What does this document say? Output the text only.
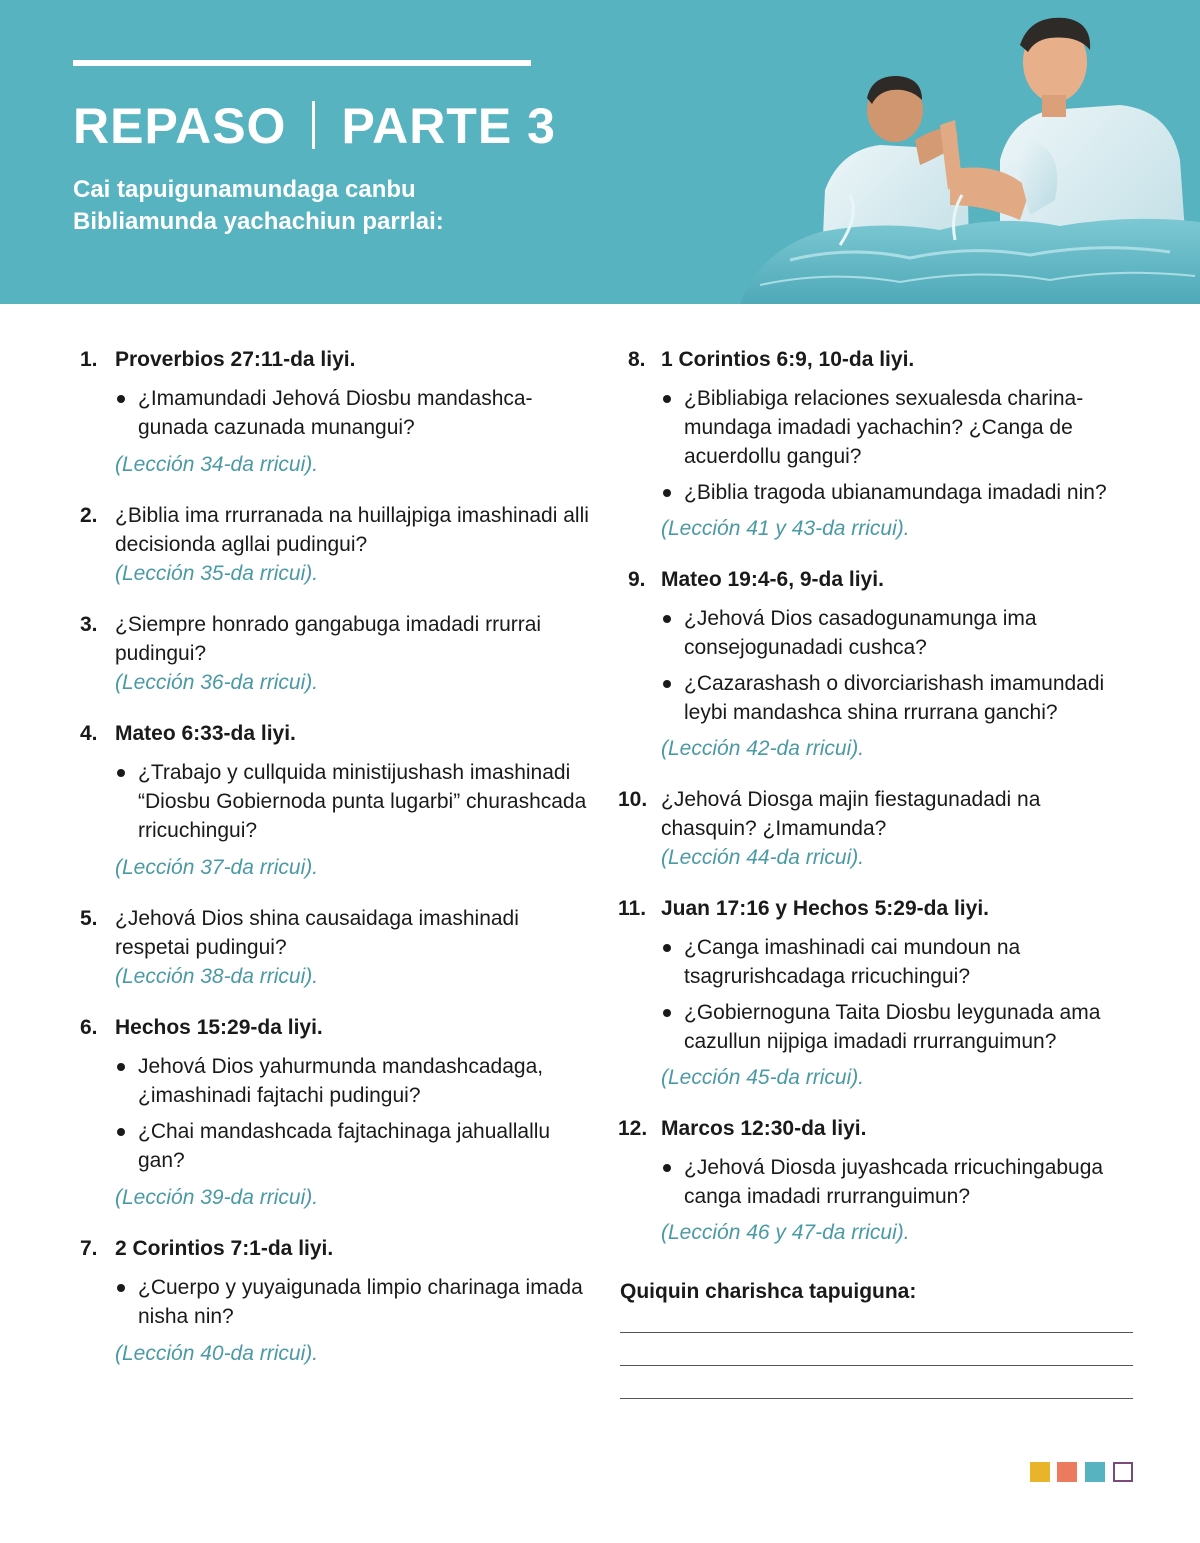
REPASO PARTE 3

Cai tapuigunamundaga canbu
Bibliamunda yachachiun parrlai:

1. Proverbios 27:11-da liyi.
¿Imamundadi Jehová Diosbu mandashcagunada cazunada munangui?
(Lección 34-da rricui).
2. ¿Biblia ima rrurranada na huillajpiga imashinadi alli decisionda agllai pudingui?
(Lección 35-da rricui).
3. ¿Siempre honrado gangabuga imadadi rrurrai pudingui?
(Lección 36-da rricui).
4. Mateo 6:33-da liyi.
¿Trabajo y cullquida ministijushash imashinadi “Diosbu Gobiernoda punta lugarbi” churashcada rricuchingui?
(Lección 37-da rricui).
5. ¿Jehová Dios shina causaidaga imashinadi respetai pudingui?
(Lección 38-da rricui).
6. Hechos 15:29-da liyi.
Jehová Dios yahurmunda mandashcadaga, ¿imashinadi fajtachi pudingui?
¿Chai mandashcada fajtachinaga jahuallallu gan?
(Lección 39-da rricui).
7. 2 Corintios 7:1-da liyi.
¿Cuerpo y yuyaigunada limpio charinaga imada nisha nin?
(Lección 40-da rricui).
8. 1 Corintios 6:9, 10-da liyi.
¿Bibliabiga relaciones sexualesda charinamundaga imadadi yachachin? ¿Canga de acuerdollu gangui?
¿Biblia tragoda ubianamundaga imadadi nin?
(Lección 41 y 43-da rricui).
9. Mateo 19:4-6, 9-da liyi.
¿Jehová Dios casadogunamunga ima consejogunadadi cushca?
¿Cazarashash o divorciarishash imamundadi leybi mandashca shina rrurrana ganchi?
(Lección 42-da rricui).
10. ¿Jehová Diosga majin fiestagunadadi na chasquin? ¿Imamunda?
(Lección 44-da rricui).
11. Juan 17:16 y Hechos 5:29-da liyi.
¿Canga imashinadi cai mundoun na tsagrurishcadaga rricuchingui?
¿Gobiernoguna Taita Diosbu leygunada ama cazullun nijpiga imadadi rrurranguimun?
(Lección 45-da rricui).
12. Marcos 12:30-da liyi.
¿Jehová Diosda juyashcada rricuchingabuga canga imadadi rrurranguimun?
(Lección 46 y 47-da rricui).
Quiquin charishca tapuiguna:
